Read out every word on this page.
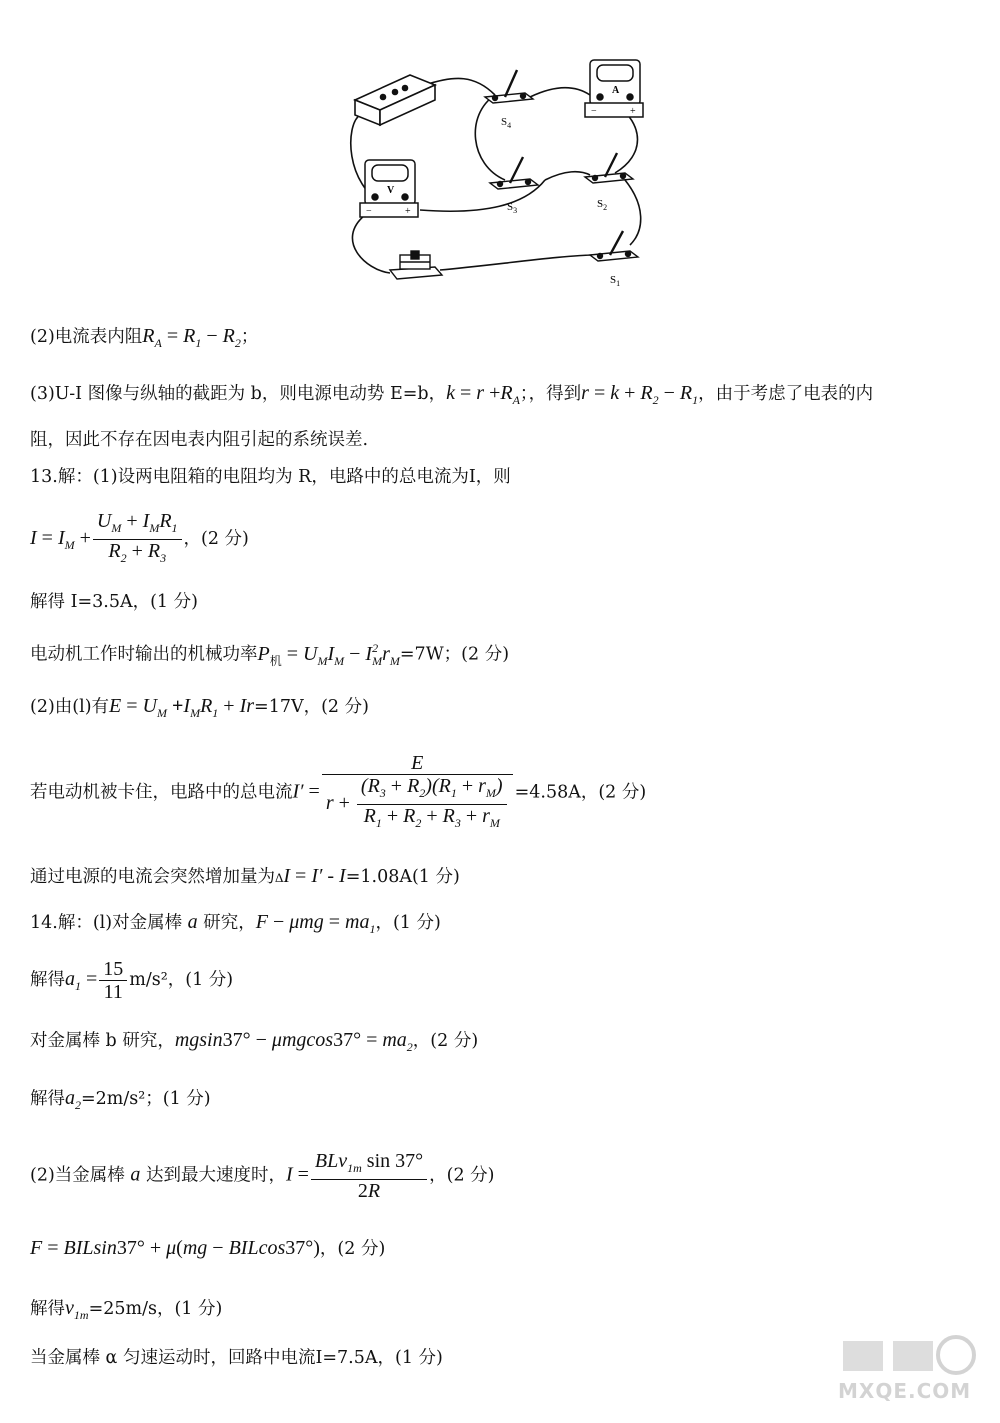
$S_4$
A
−	+
V
−	+	$S_3$
$S_2$
$S_1$
(2)电流表内阻$R_A = R_1 - R_2$；
(3)U-I 图像与纵轴的截距为 b，则电源电动势 E=b，$k = r +R_A$；，得到$r = k + R_2 - R_1$，由于考虑了电表的内
阻，因此不存在因电表内阻引起的系统误差.
13.解：(1)设两电阻箱的电阻均为 R，电路中的总电流为I，则
$I = I_M + \frac{U_M + I_MR_1}{R_2 + R_3}$ ，(2 分)
解得 I=3.5A，(1 分)
电动机工作时输出的机械功率$P_机 = U_MI_M - I^2_Mr_M=7W$；(2 分)
(2)由(l)有$E = U_M +I_MR_1 + Ir=17V$，(2 分)
若电动机被卡住，电路中的总电流$I' = \frac{E}{r + \frac{(R_3 + R_2)(R_1 + r_M)}{R_1 + R_2 + R_3 + r_M}} =4.58A$，(2 分)
通过电源的电流会突然增加量为ΔI = I′ - I=1.08A(1 分)
14.解：(l)对金属棒 a 研究，$F - \mu mg = ma_1$，(1 分)
解得$a_1 = \frac{15}{11} m/s^2$，(1 分)
对金属棒 b 研究，$mgsin37^\circ - \mu mgcos37^\circ = ma_2$，(2 分)
解得$a_2=2m/s^2$；(1 分)
(2)当金属棒 a 达到最大速度时，$I = \frac{BLv_{1m} \sin 37^\circ}{2R}$ ，(2 分)
F = BILsin37° + μ(mg − BILcos37°)，(2 分)
解得$v_{1m}=25m/s$，(1 分)
当金属棒 α 匀速运动时，回路中电流I=7.5A，(1 分)
MXQE.COM
